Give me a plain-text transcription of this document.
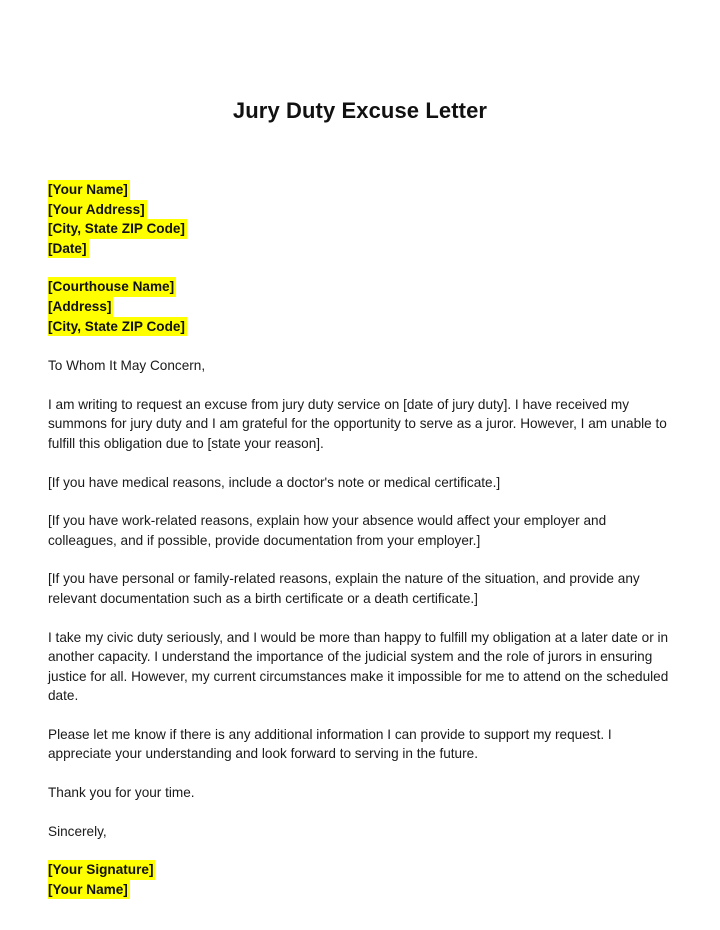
Jury Duty Excuse Letter
[Your Name]
[Your Address]
[City, State ZIP Code]
[Date]
[Courthouse Name]
[Address]
[City, State ZIP Code]

To Whom It May Concern,

I am writing to request an excuse from jury duty service on [date of jury duty]. I have received my summons for jury duty and I am grateful for the opportunity to serve as a juror. However, I am unable to fulfill this obligation due to [state your reason].

[If you have medical reasons, include a doctor's note or medical certificate.]

[If you have work-related reasons, explain how your absence would affect your employer and colleagues, and if possible, provide documentation from your employer.]

[If you have personal or family-related reasons, explain the nature of the situation, and provide any relevant documentation such as a birth certificate or a death certificate.]

I take my civic duty seriously, and I would be more than happy to fulfill my obligation at a later date or in another capacity. I understand the importance of the judicial system and the role of jurors in ensuring justice for all. However, my current circumstances make it impossible for me to attend on the scheduled date.

Please let me know if there is any additional information I can provide to support my request. I appreciate your understanding and look forward to serving in the future.

Thank you for your time.

Sincerely,

[Your Signature]
[Your Name]
